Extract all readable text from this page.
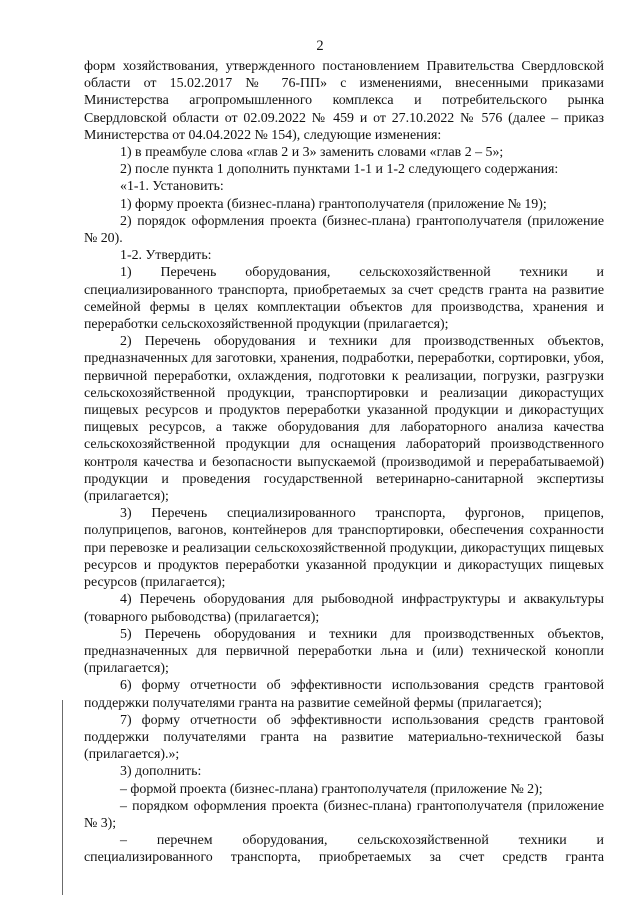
2

форм хозяйствования, утвержденного постановлением Правительства Свердловской области от 15.02.2017 № 76-ПП» с изменениями, внесенными приказами Министерства агропромышленного комплекса и потребительского рынка Свердловской области от 02.09.2022 № 459 и от 27.10.2022 № 576 (далее – приказ Министерства от 04.04.2022 № 154), следующие изменения:

1) в преамбуле слова «глав 2 и 3» заменить словами «глав 2 – 5»;

2) после пункта 1 дополнить пунктами 1-1 и 1-2 следующего содержания:

«1-1. Установить:

1) форму проекта (бизнес-плана) грантополучателя (приложение № 19);

2) порядок оформления проекта (бизнес-плана) грантополучателя (приложение № 20).

1-2. Утвердить:

1) Перечень оборудования, сельскохозяйственной техники и специализированного транспорта, приобретаемых за счет средств гранта на развитие семейной фермы в целях комплектации объектов для производства, хранения и переработки сельскохозяйственной продукции (прилагается);

2) Перечень оборудования и техники для производственных объектов, предназначенных для заготовки, хранения, подработки, переработки, сортировки, убоя, первичной переработки, охлаждения, подготовки к реализации, погрузки, разгрузки сельскохозяйственной продукции, транспортировки и реализации дикорастущих пищевых ресурсов и продуктов переработки указанной продукции и дикорастущих пищевых ресурсов, а также оборудования для лабораторного анализа качества сельскохозяйственной продукции для оснащения лабораторий производственного контроля качества и безопасности выпускаемой (производимой и перерабатываемой) продукции и проведения государственной ветеринарно-санитарной экспертизы (прилагается);

3) Перечень специализированного транспорта, фургонов, прицепов, полуприцепов, вагонов, контейнеров для транспортировки, обеспечения сохранности при перевозке и реализации сельскохозяйственной продукции, дикорастущих пищевых ресурсов и продуктов переработки указанной продукции и дикорастущих пищевых ресурсов (прилагается);

4) Перечень оборудования для рыбоводной инфраструктуры и аквакультуры (товарного рыбоводства) (прилагается);

5) Перечень оборудования и техники для производственных объектов, предназначенных для первичной переработки льна и (или) технической конопли (прилагается);

6) форму отчетности об эффективности использования средств грантовой поддержки получателями гранта на развитие семейной фермы (прилагается);

7) форму отчетности об эффективности использования средств грантовой поддержки получателями гранта на развитие материально-технической базы (прилагается).»;

3) дополнить:

– формой проекта (бизнес-плана) грантополучателя (приложение № 2);

– порядком оформления проекта (бизнес-плана) грантополучателя (приложение № 3);

– перечнем оборудования, сельскохозяйственной техники и специализированного транспорта, приобретаемых за счет средств гранта
